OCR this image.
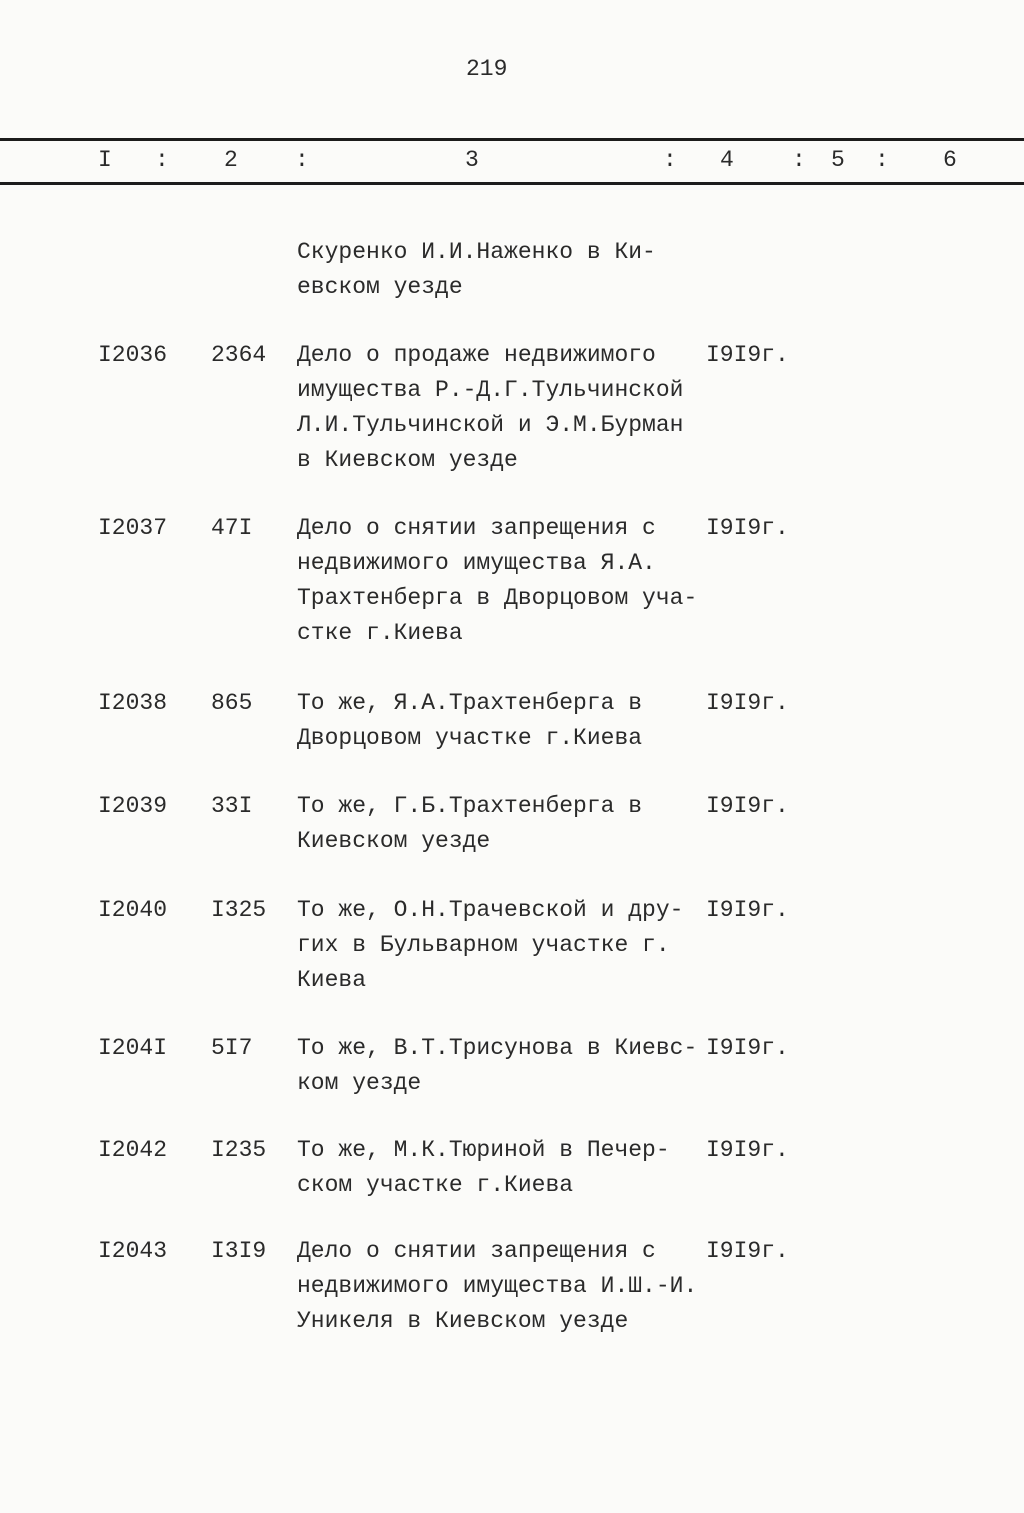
219
I : 2 :	3	: 4	: 5 : 6
Скуренко И.И.Наженко в Ки-
евском уезде
I2036 2364 Дело о продаже недвижимого
имущества Р.-Д.Г.Тульчинской
Л.И.Тульчинской и Э.М.Бурман
в Киевском уезде
I9I9г.
I2037 47I Дело о снятии запрещения с
недвижимого имущества Я.А.
Трахтенберга в Дворцовом уча-
стке г.Киева
I9I9г.
I2038 865 То же, Я.А.Трахтенберга в
Дворцовом участке г.Киева
I9I9г.
I2039 33I То же, Г.Б.Трахтенберга в
Киевском уезде
I9I9г.
I2040 I325 То же, О.Н.Трачевской и дру-
гих в Бульварном участке г.
Киева
I9I9г.
I204I 5I7 То же, В.Т.Трисунова в Киевс-
ком уезде
I9I9г.
I2042 I235 То же, М.К.Тюриной в Печер-
ском участке г.Киева
I9I9г.
I2043 I3I9 Дело о снятии запрещения с
недвижимого имущества И.Ш.-И.
Уникеля в Киевском уезде
I9I9г.
